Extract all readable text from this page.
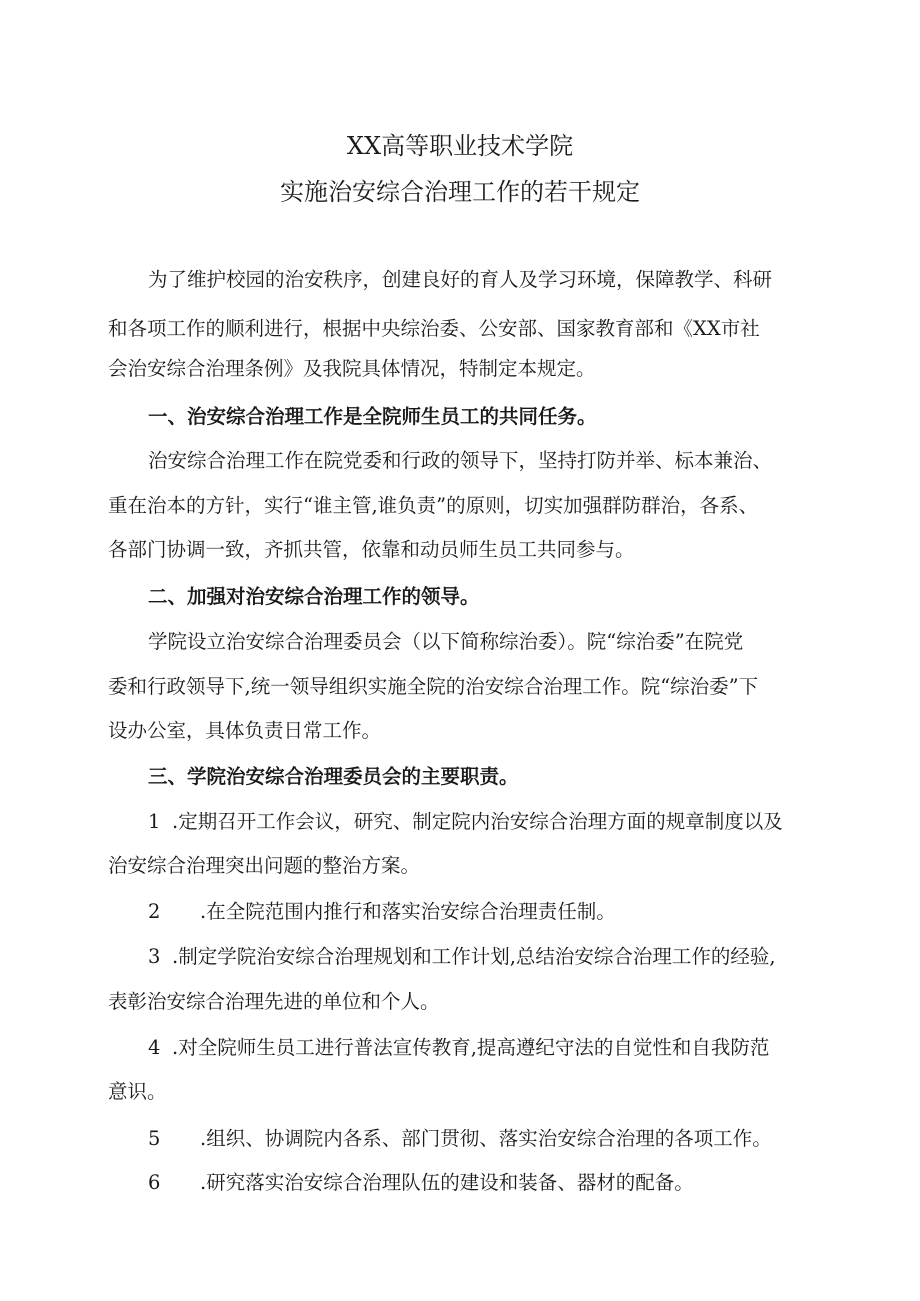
XX高等职业技术学院
实施治安综合治理工作的若干规定

为了维护校园的治安秩序，创建良好的育人及学习环境，保障教学、科研

和各项工作的顺利进行，根据中央综治委、公安部、国家教育部和《XX市社

会治安综合治理条例》及我院具体情况，特制定本规定。

一、治安综合治理工作是全院师生员工的共同任务。

治安综合治理工作在院党委和行政的领导下，坚持打防并举、标本兼治、

重在治本的方针，实行“谁主管,谁负责”的原则，切实加强群防群治，各系、

各部门协调一致，齐抓共管，依靠和动员师生员工共同参与。

二、加强对治安综合治理工作的领导。

学院设立治安综合治理委员会（以下简称综治委）。院“综治委”在院党

委和行政领导下,统一领导组织实施全院的治安综合治理工作。院“综治委”下

设办公室，具体负责日常工作。

三、学院治安综合治理委员会的主要职责。

1 .定期召开工作会议，研究、制定院内治安综合治理方面的规章制度以及

治安综合治理突出问题的整治方案。

2 .在全院范围内推行和落实治安综合治理责任制。

3 .制定学院治安综合治理规划和工作计划,总结治安综合治理工作的经验,

表彰治安综合治理先进的单位和个人。

4 .对全院师生员工进行普法宣传教育,提高遵纪守法的自觉性和自我防范

意识。

5 .组织、协调院内各系、部门贯彻、落实治安综合治理的各项工作。

6 .研究落实治安综合治理队伍的建设和装备、器材的配备。
